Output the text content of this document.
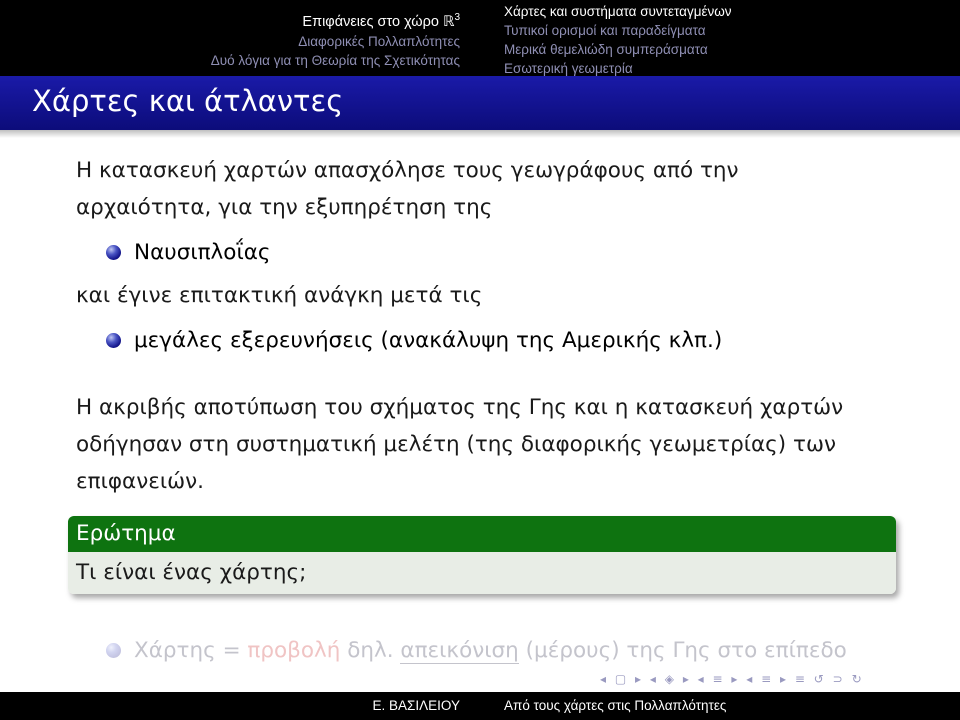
Επιφάνειες στο χώρο ℝ$^3$
Διαφορικές Πολλαπλότητες
Δυό λόγια για τη Θεωρία της Σχετικότητας
Χάρτες και συστήματα συντεταγμένων
Τυπικοί ορισμοί και παραδείγματα
Μερικά θεμελιώδη συμπεράσματα
Εσωτερική γεωμετρία
Χάρτες και άτλαντες
Η κατασκευή χαρτών απασχόλησε τους γεωγράφους από την
αρχαιότητα, για την εξυπηρέτηση της
Ναυσιπλοΐας
και έγινε επιτακτική ανάγκη μετά τις
μεγάλες εξερευνήσεις (ανακάλυψη της Αμερικής κλπ.)
Η ακριβής αποτύπωση του σχήματος της Γης και η κατασκευή χαρτών
οδήγησαν στη συστηματική μελέτη (της διαφορικής γεωμετρίας) των
επιφανειών.
Ερώτημα
Τι είναι ένας χάρτης;
Χάρτης = προβολή δηλ. απεικόνιση (μέρους) της Γης στο επίπεδο
◂ ▢ ▸ ◂ ◈ ▸ ◂ ≡ ▸ ◂ ≡ ▸ ≡ ↺ ⊃ ↻
Ε. ΒΑΣΙΛΕΙΟΥ	Από τους χάρτες στις Πολλαπλότητες
